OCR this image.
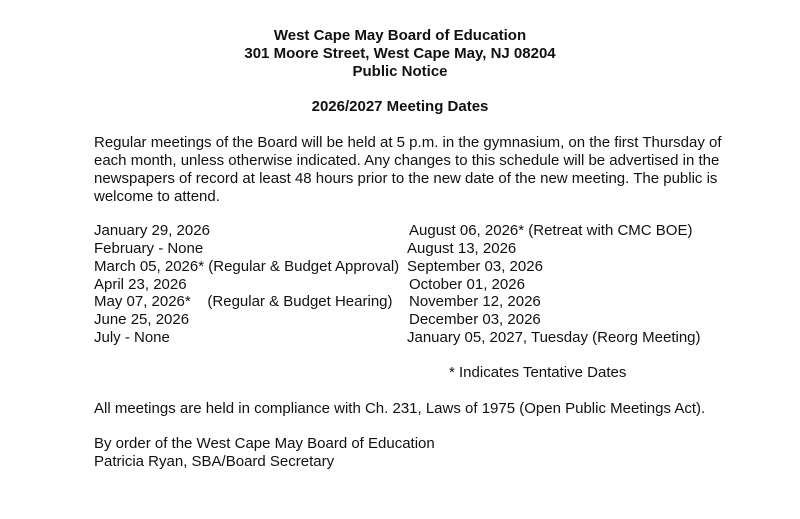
West Cape May Board of Education
301 Moore Street, West Cape May, NJ 08204
Public Notice
2026/2027 Meeting Dates
Regular meetings of the Board will be held at 5 p.m. in the gymnasium, on the first Thursday of
each month, unless otherwise indicated. Any changes to this schedule will be advertised in the
newspapers of record at least 48 hours prior to the new date of the new meeting. The public is
welcome to attend.
January 29, 2026
February - None
March 05, 2026* (Regular & Budget Approval)
April 23, 2026
May 07, 2026*    (Regular & Budget Hearing)
June 25, 2026
July - None
August 06, 2026* (Retreat with CMC BOE)
August 13, 2026
September 03, 2026
October 01, 2026
November 12, 2026
December 03, 2026
January 05, 2027, Tuesday (Reorg Meeting)
* Indicates Tentative Dates
All meetings are held in compliance with Ch. 231, Laws of 1975 (Open Public Meetings Act).
By order of the West Cape May Board of Education
Patricia Ryan, SBA/Board Secretary
